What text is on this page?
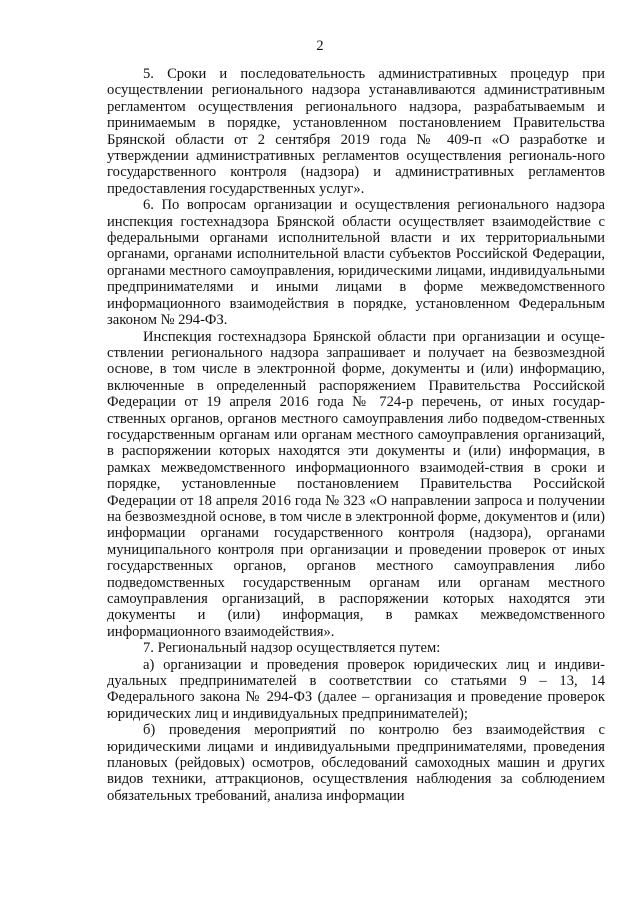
2

5. Сроки и последовательность административных процедур при осуществлении регионального надзора устанавливаются административным регламентом осуществления регионального надзора, разрабатываемым и принимаемым в порядке, установленном постановлением Правительства Брянской области от 2 сентября 2019 года № 409-п «О разработке и утверждении административных регламентов осуществления региональ-ного государственного контроля (надзора) и административных регламентов предоставления государственных услуг».

6. По вопросам организации и осуществления регионального надзора инспекция гостехнадзора Брянской области осуществляет взаимодействие с федеральными органами исполнительной власти и их территориальными органами, органами исполнительной власти субъектов Российской Федерации, органами местного самоуправления, юридическими лицами, индивидуальными предпринимателями и иными лицами в форме межведомственного информационного взаимодействия в порядке, установленном Федеральным законом № 294-ФЗ.

Инспекция гостехнадзора Брянской области при организации и осуще-ствлении регионального надзора запрашивает и получает на безвозмездной основе, в том числе в электронной форме, документы и (или) информацию, включенные в определенный распоряжением Правительства Российской Федерации от 19 апреля 2016 года № 724-р перечень, от иных государ-ственных органов, органов местного самоуправления либо подведом-ственных государственным органам или органам местного самоуправления организаций, в распоряжении которых находятся эти документы и (или) информация, в рамках межведомственного информационного взаимодей-ствия в сроки и порядке, установленные постановлением Правительства Российской Федерации от 18 апреля 2016 года № 323 «О направлении запроса и получении на безвозмездной основе, в том числе в электронной форме, документов и (или) информации органами государственного контроля (надзора), органами муниципального контроля при организации и проведении проверок от иных государственных органов, органов местного самоуправления либо подведомственных государственным органам или органам местного самоуправления организаций, в распоряжении которых находятся эти документы и (или) информация, в рамках межведомственного информационного взаимодействия».

7. Региональный надзор осуществляется путем:

а) организации и проведения проверок юридических лиц и индиви-дуальных предпринимателей в соответствии со статьями 9 – 13, 14 Федерального закона № 294-ФЗ (далее – организация и проведение проверок юридических лиц и индивидуальных предпринимателей);

б) проведения мероприятий по контролю без взаимодействия с юридическими лицами и индивидуальными предпринимателями, проведения плановых (рейдовых) осмотров, обследований самоходных машин и других видов техники, аттракционов, осуществления наблюдения за соблюдением обязательных требований, анализа информации
